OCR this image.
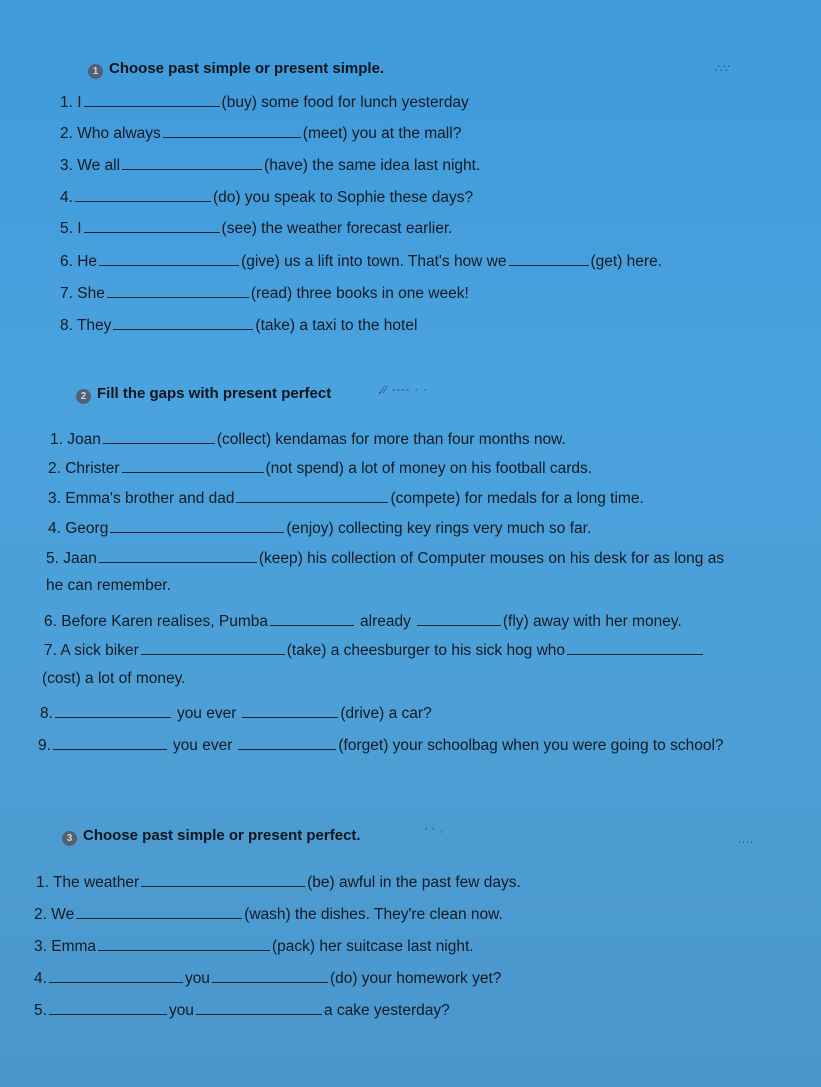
1 Choose past simple or present simple.	∴∵
1. I	(buy) some food for lunch yesterday
2. Who always	(meet) you at the mall?
3. We all	(have) the same idea last night.
4.	(do) you speak to Sophie these days?
5. I	(see) the weather forecast earlier.
6. He	(give) us a lift into town. That's how we	(get) here.
7. She	(read) three books in one week!
8. They	(take) a taxi to the hotel
2 Fill the gaps with present perfect	,⁄⁄ ---- · ·
1. Joan	(collect) kendamas for more than four months now.
2. Christer	(not spend) a lot of money on his football cards.
3. Emma's brother and dad	(compete) for medals for a long time.
4. Georg	(enjoy) collecting key rings very much so far.
5. Jaan	(keep) his collection of Computer mouses on his desk for as long as
he can remember.
6. Before Karen realises, Pumba	already	(fly) away with her money.
7. A sick biker	(take) a cheesburger to his sick hog who
(cost) a lot of money.
8.	you ever	(drive) a car?
9.	you ever	(forget) your schoolbag when you were going to school?
3 Choose past simple or present perfect.	' ' ·
....
1. The weather	(be) awful in the past few days.
2. We	(wash) the dishes. They're clean now.
3. Emma	(pack) her suitcase last night.
4.	you	(do) your homework yet?
5.	you	a cake yesterday?
